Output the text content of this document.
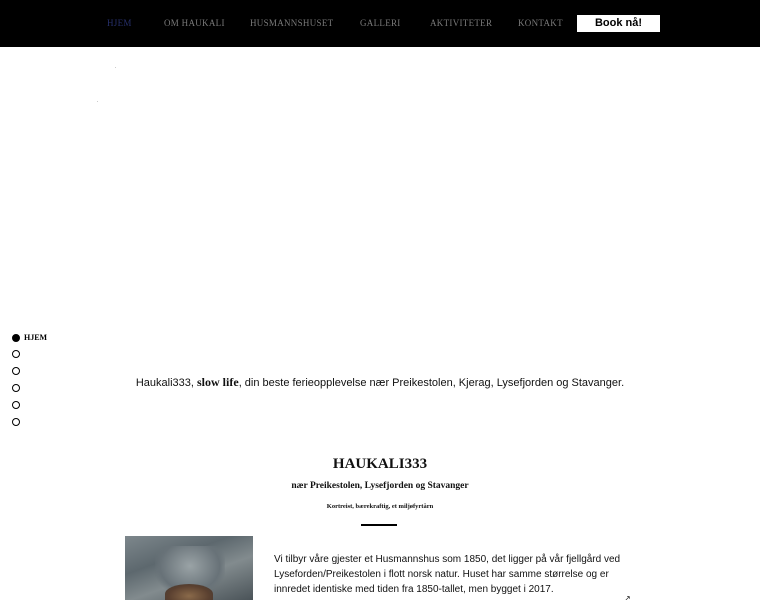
HJEM	OM HAUKALI	HUSMANNSHUSET	GALLERI	AKTIVITETER	KONTAKT	Book nå!
HJEM
Haukali333, slow life, din beste ferieopplevelse nær Preikestolen, Kjerag, Lysefjorden og Stavanger.
HAUKALI333
nær Preikestolen, Lysefjorden og Stavanger
Kortreist, bærekraftig, et miljøfyrtårn
Vi tilbyr våre gjester et Husmannshus som 1850, det ligger på vår fjellgård ved Lyseforden/Preikestolen i flott norsk natur. Huset har samme størrelse og er innredet identiske med tiden fra 1850-tallet, men bygget i 2017.
↗
